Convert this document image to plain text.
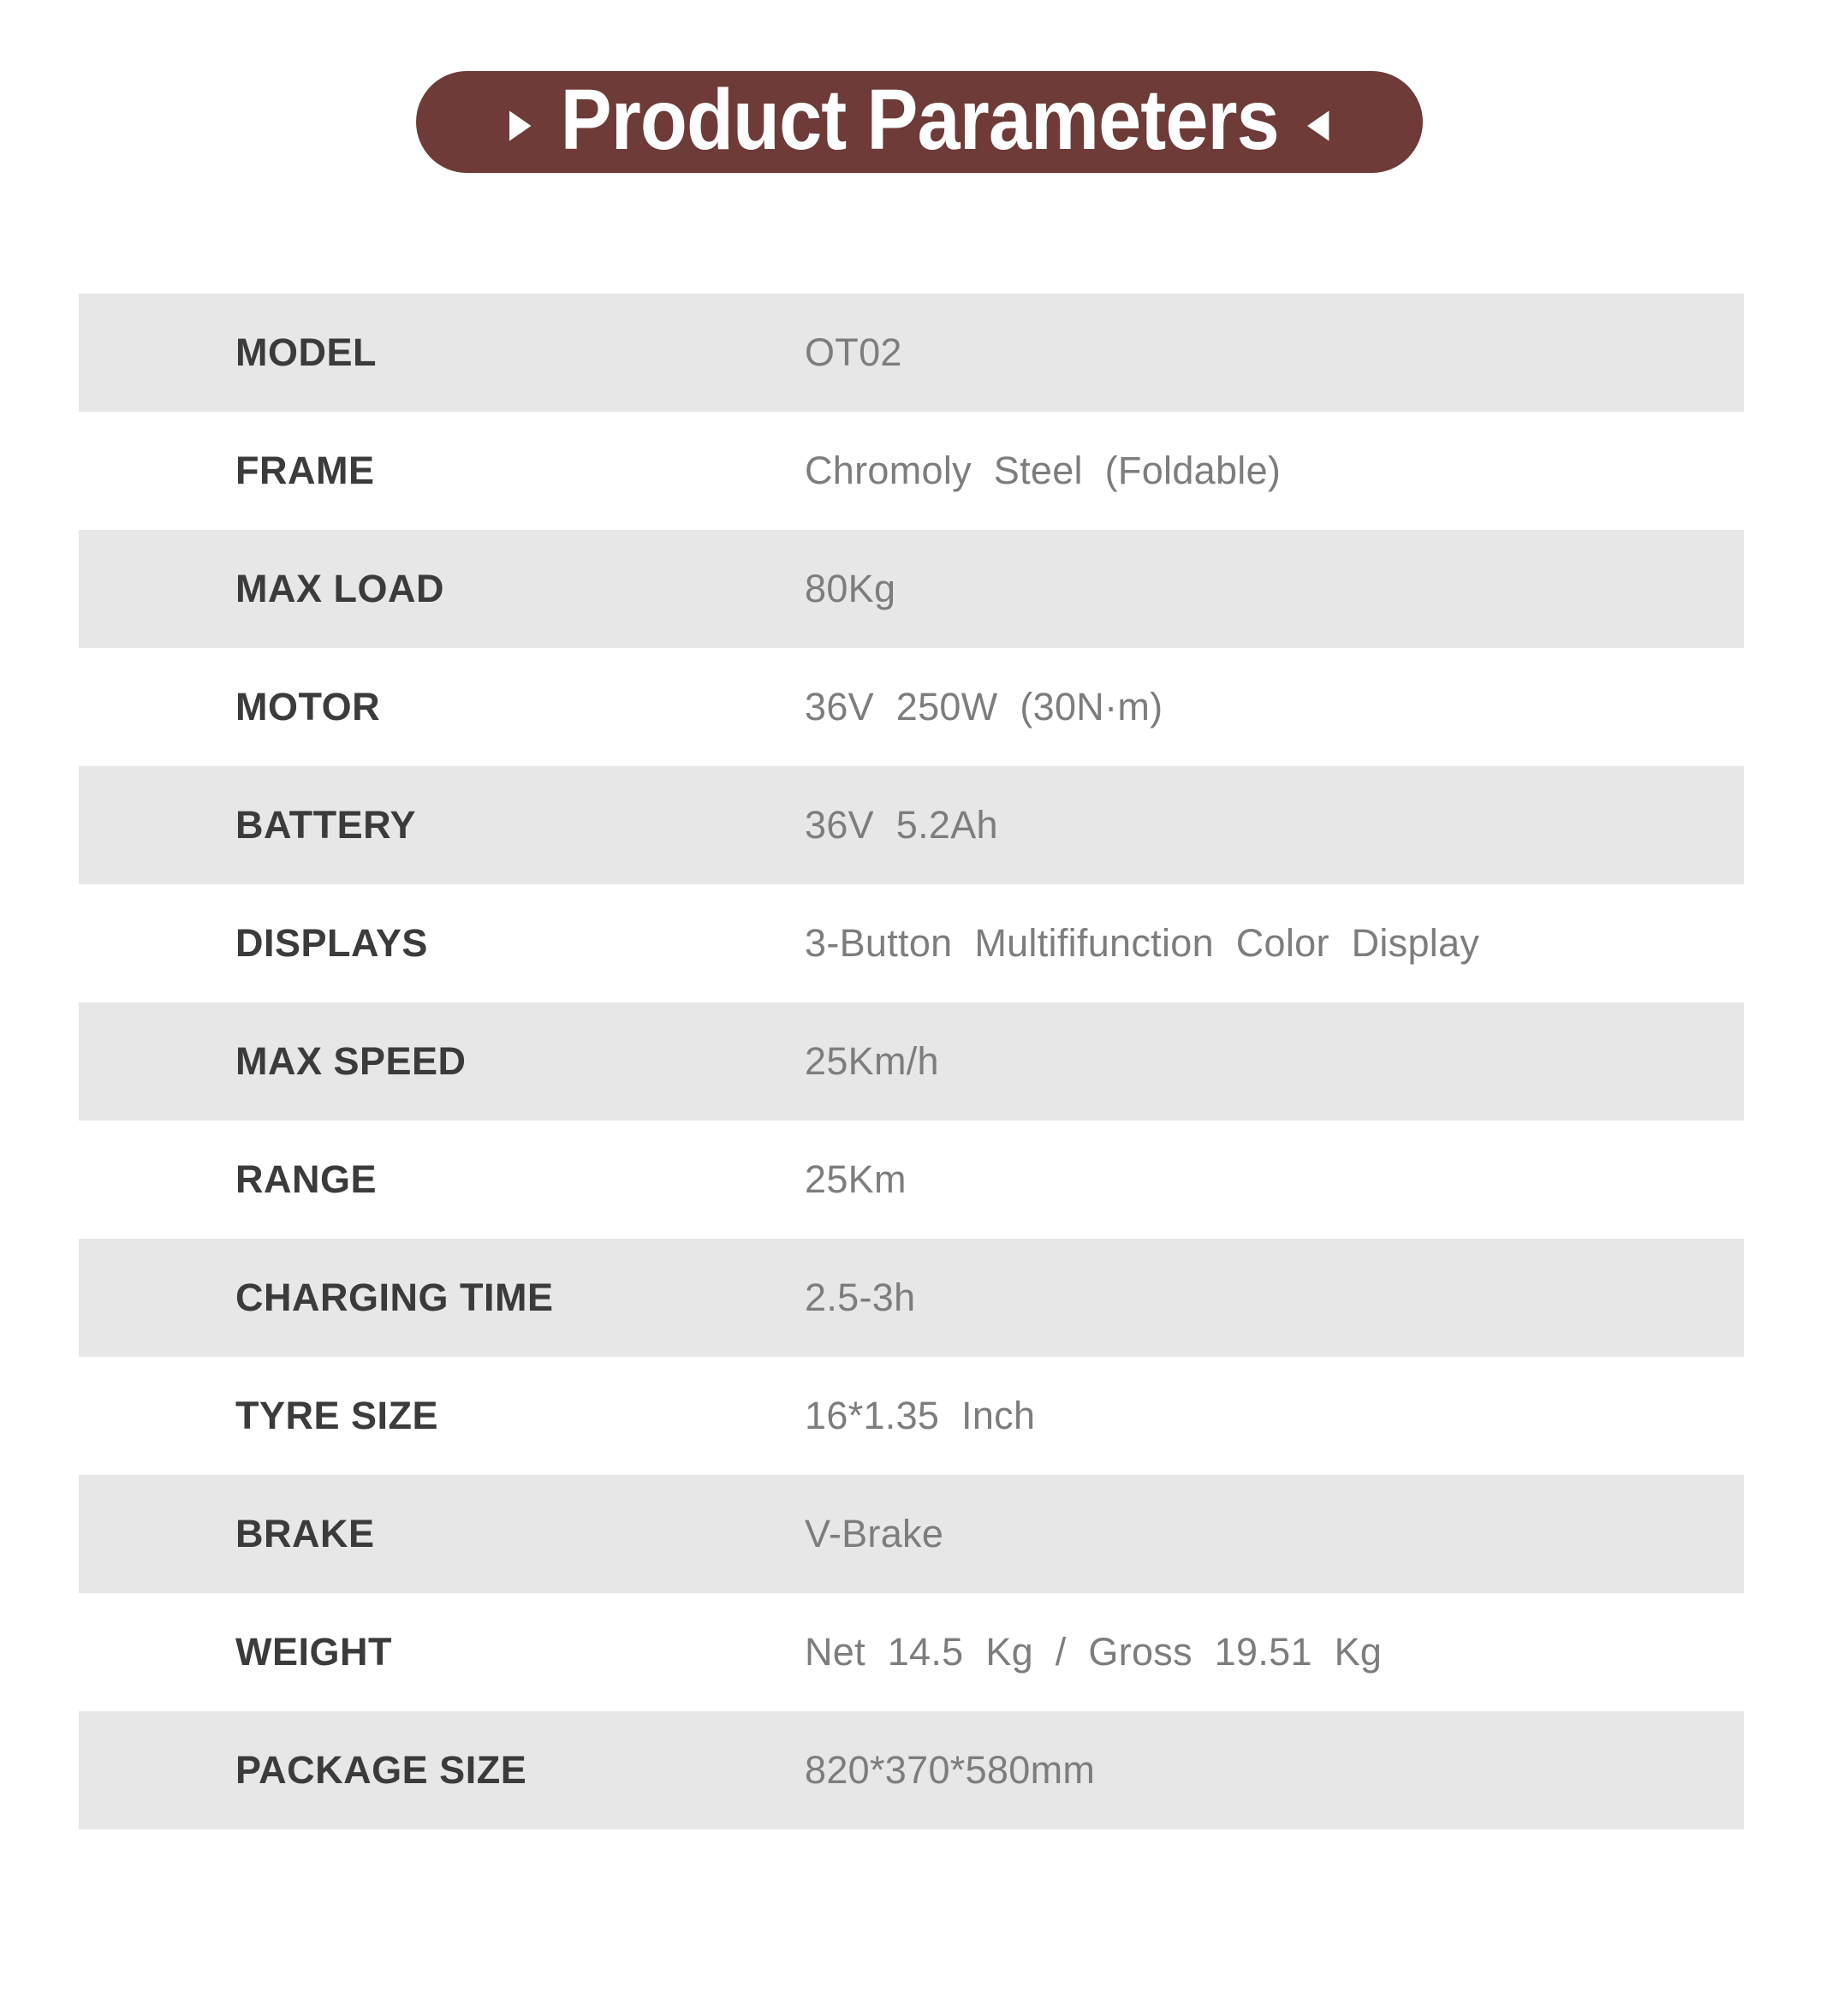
▶ Product Parameters ◀
MODEL	OT02
FRAME	Chromoly Steel (Foldable)
MAX LOAD	80Kg
MOTOR	36V 250W (30N·m)
BATTERY	36V 5.2Ah
DISPLAYS	3-Button Multififunction Color Display
MAX SPEED	25Km/h
RANGE	25Km
CHARGING TIME	2.5-3h
TYRE SIZE	16*1.35 Inch
BRAKE	V-Brake
WEIGHT	Net 14.5 Kg / Gross 19.51 Kg
PACKAGE SIZE	820*370*580mm
